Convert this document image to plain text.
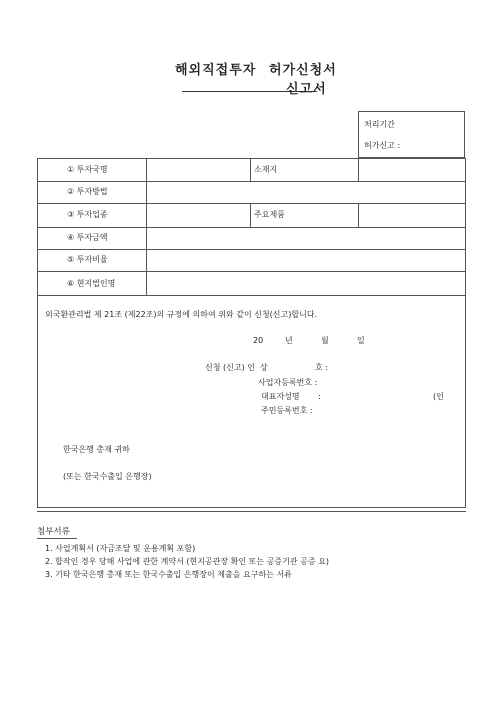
해외직접투자 허가신청서
신고서
처리기간
허가신고 :
① 투자국명	소재지
② 투자방법
③ 투자업종	주요제품
④ 투자금액
⑤ 투자비율
⑥ 현지법인명
외국환관리법 제 21조 (제22조)의 규정에 의하여 위와 같이 신청(신고)합니다.
20	년	월	일
신청 (신고) 인 상	호 :
사업자등록번호 :
대표자성명 :	(인
주민등록번호 :
한국은행 총재 귀하
(또는 한국수출입 은행장)
첨부서류
1. 사업계획서 (자금조달 및 운용계획 포함)
2. 합작인 경우 당해 사업에 관한 계약서 (현지공관장 확인 또는 공증기관 공증 요)
3. 기타 한국은행 총재 또는 한국수출입 은행장이 제출을 요구하는 서류
